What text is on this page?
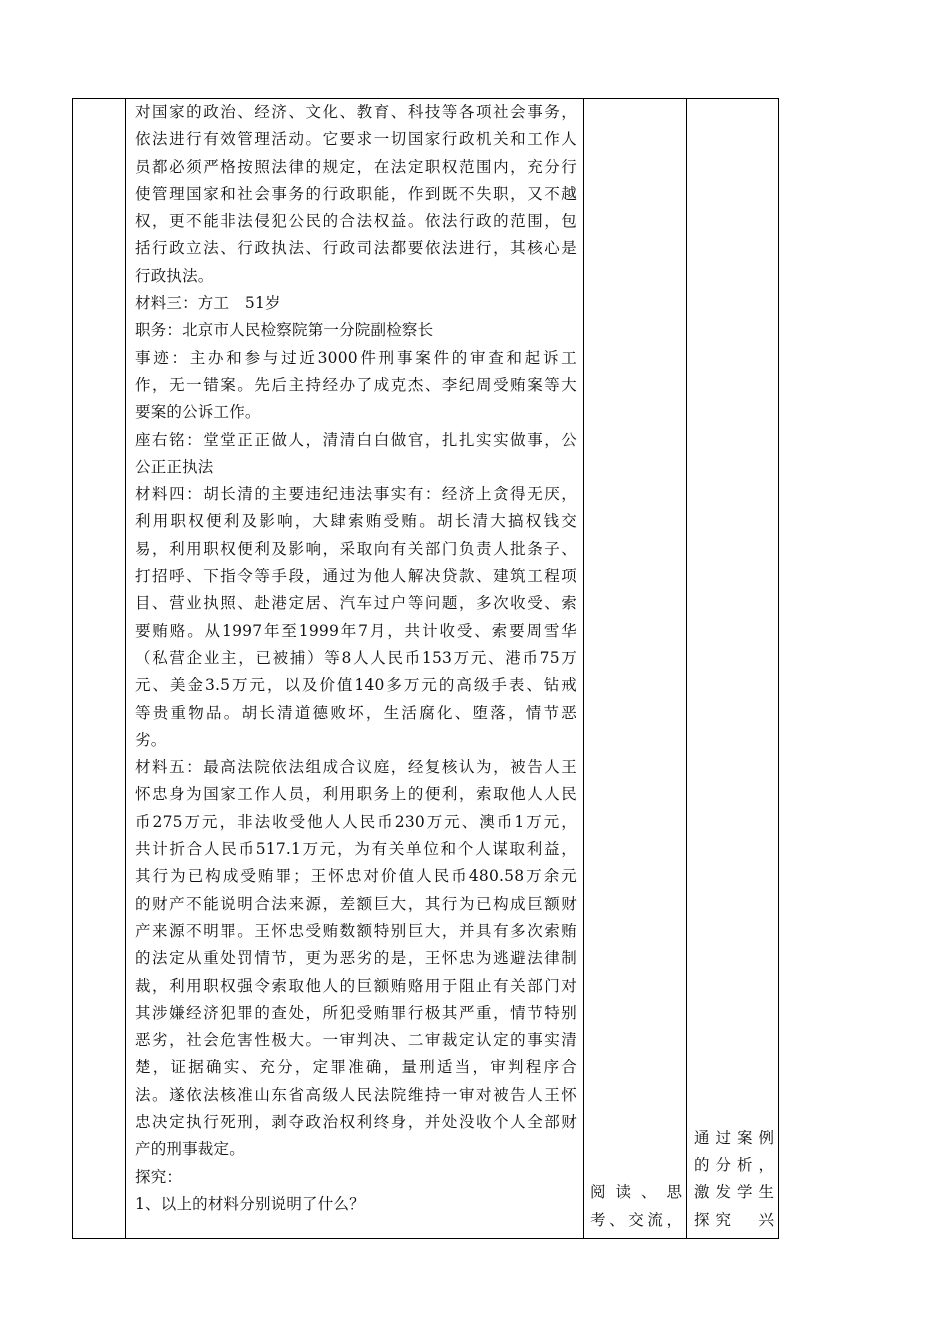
对国家的政治、经济、文化、教育、科技等各项社会事务，

依法进行有效管理活动。它要求一切国家行政机关和工作人

员都必须严格按照法律的规定，在法定职权范围内，充分行

使管理国家和社会事务的行政职能，作到既不失职，又不越

权，更不能非法侵犯公民的合法权益。依法行政的范围，包

括行政立法、行政执法、行政司法都要依法进行，其核心是

行政执法。

材料三：方工　51岁

职务：北京市人民检察院第一分院副检察长

事迹：主办和参与过近3000件刑事案件的审查和起诉工

作，无一错案。先后主持经办了成克杰、李纪周受贿案等大

要案的公诉工作。

座右铭：堂堂正正做人，清清白白做官，扎扎实实做事，公

公正正执法

材料四：胡长清的主要违纪违法事实有：经济上贪得无厌，

利用职权便利及影响，大肆索贿受贿。胡长清大搞权钱交

易，利用职权便利及影响，采取向有关部门负责人批条子、

打招呼、下指令等手段，通过为他人解决贷款、建筑工程项

目、营业执照、赴港定居、汽车过户等问题，多次收受、索

要贿赂。从1997年至1999年7月，共计收受、索要周雪华

（私营企业主，已被捕）等8人人民币153万元、港币75万

元、美金3.5万元，以及价值140多万元的高级手表、钻戒

等贵重物品。胡长清道德败坏，生活腐化、堕落，情节恶

劣。

材料五：最高法院依法组成合议庭，经复核认为，被告人王

怀忠身为国家工作人员，利用职务上的便利，索取他人人民

币275万元，非法收受他人人民币230万元、澳币1万元，

共计折合人民币517.1万元，为有关单位和个人谋取利益，

其行为已构成受贿罪；王怀忠对价值人民币480.58万余元

的财产不能说明合法来源，差额巨大，其行为已构成巨额财

产来源不明罪。王怀忠受贿数额特别巨大，并具有多次索贿

的法定从重处罚情节，更为恶劣的是，王怀忠为逃避法律制

裁，利用职权强令索取他人的巨额贿赂用于阻止有关部门对

其涉嫌经济犯罪的查处，所犯受贿罪行极其严重，情节特别

恶劣，社会危害性极大。一审判决、二审裁定认定的事实清

楚，证据确实、充分，定罪准确，量刑适当，审判程序合

法。遂依法核准山东省高级人民法院维持一审对被告人王怀

忠决定执行死刑，剥夺政治权利终身，并处没收个人全部财

产的刑事裁定。

探究：

1、以上的材料分别说明了什么？

阅读、思

考、交流，

通过案例

的分析，

激发学生

探究　兴
